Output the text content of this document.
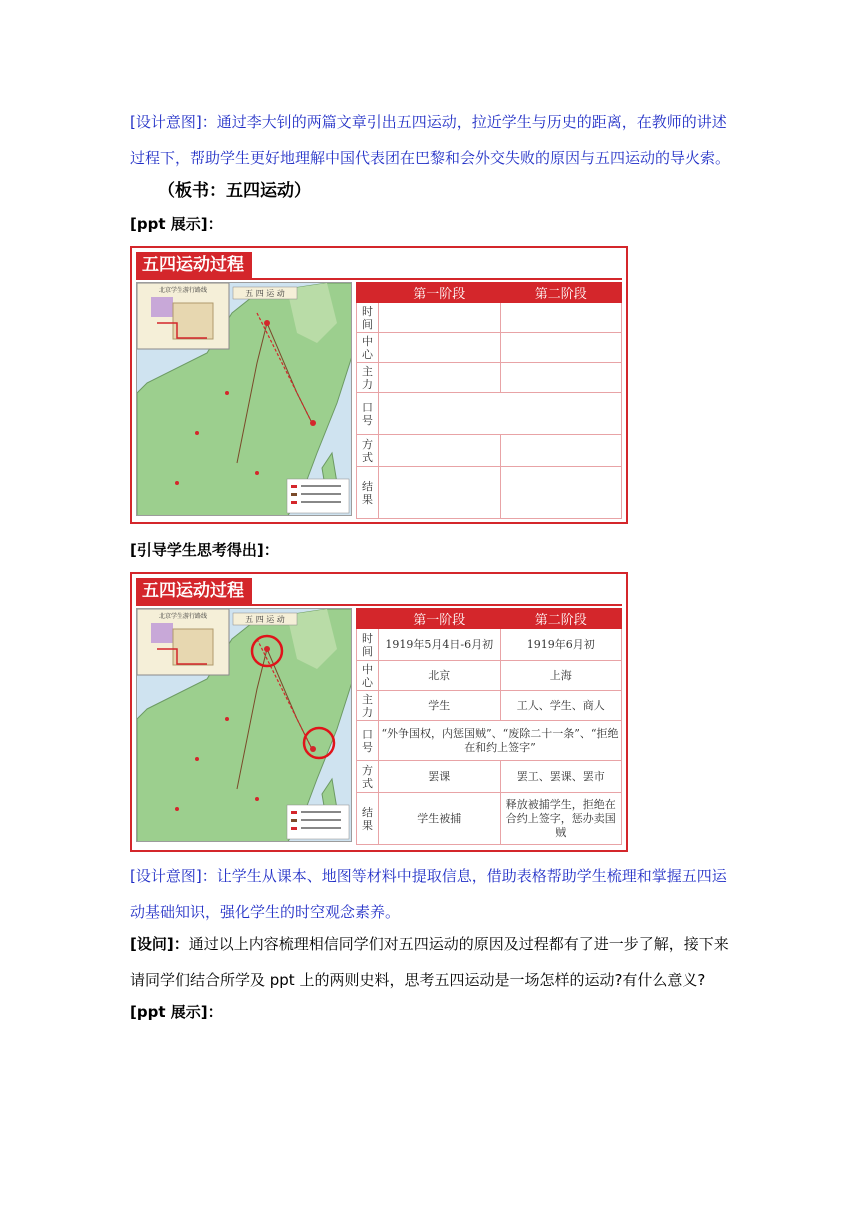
[设计意图]：通过李大钊的两篇文章引出五四运动，拉近学生与历史的距离，在教师的讲述
过程下，帮助学生更好地理解中国代表团在巴黎和会外交失败的原因与五四运动的导火索。
（板书：五四运动）
[ppt 展示]：
五四运动过程
五 四 运 动
北京学生游行路线
		第一阶段	第二阶段
时间		
中心		
主力		
口号		
方式		
结果		
[引导学生思考得出]：
五四运动过程
五 四 运 动
北京学生游行路线
		第一阶段	第二阶段
时间	1919年5月4日-6月初	1919年6月初
中心	北京	上海
主力	学生	工人、学生、商人
口号	“外争国权，内惩国贼”、“废除二十一条”、“拒绝在和约上签字”	
方式	罢课	罢工、罢课、罢市
结果	学生被捕	释放被捕学生，拒绝在合约上签字，惩办卖国贼
[设计意图]：让学生从课本、地图等材料中提取信息，借助表格帮助学生梳理和掌握五四运
动基础知识，强化学生的时空观念素养。
[设问]：通过以上内容梳理相信同学们对五四运动的原因及过程都有了进一步了解，接下来
请同学们结合所学及 ppt 上的两则史料，思考五四运动是一场怎样的运动?有什么意义?
[ppt 展示]：
